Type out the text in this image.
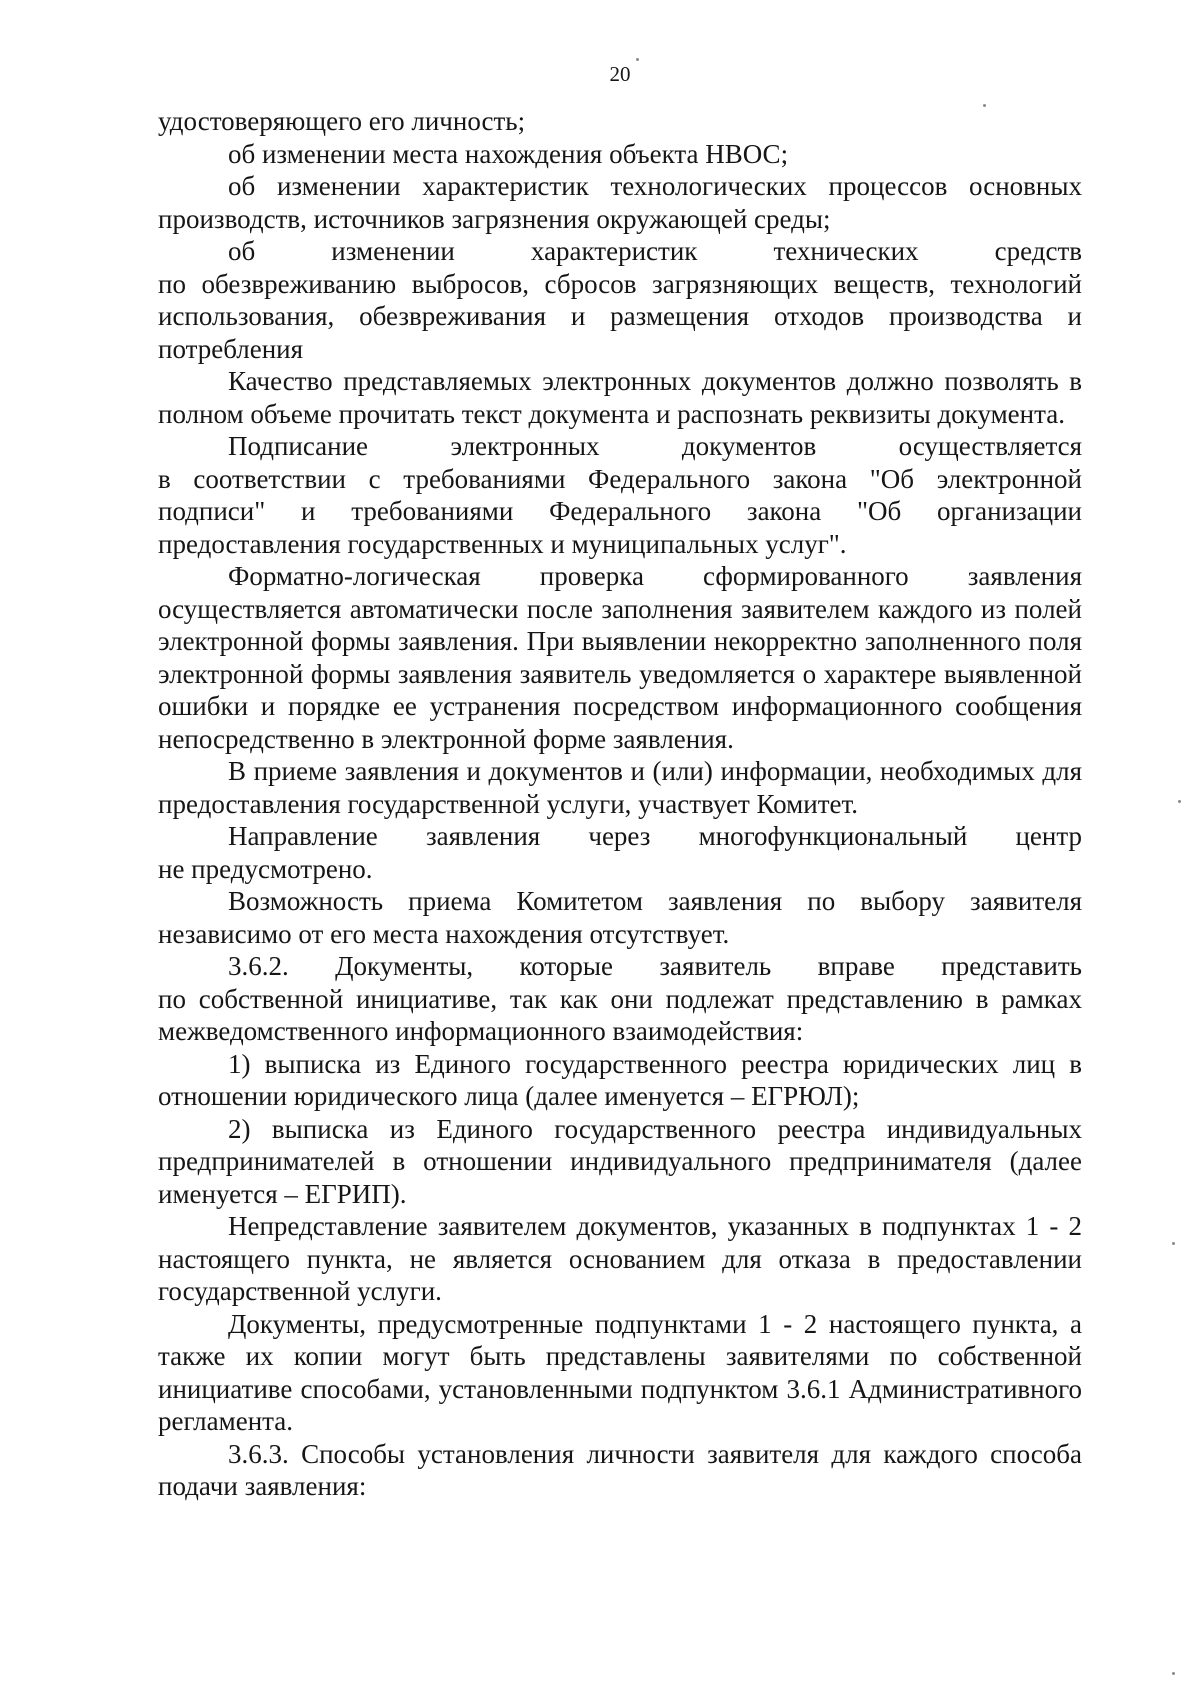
20

удостоверяющего его личность;

об изменении места нахождения объекта НВОС;

об изменении характеристик технологических процессов основных производств, источников загрязнения окружающей среды;

об изменении характеристик технических средств

по обезвреживанию выбросов, сбросов загрязняющих веществ, технологий использования, обезвреживания и размещения отходов производства и потребления

Качество представляемых электронных документов должно позволять в полном объеме прочитать текст документа и распознать реквизиты документа.

Подписание электронных документов осуществляется

в соответствии с требованиями Федерального закона "Об электронной подписи" и требованиями Федерального закона "Об организации предоставления государственных и муниципальных услуг".

Форматно-логическая проверка сформированного заявления осуществляется автоматически после заполнения заявителем каждого из полей электронной формы заявления. При выявлении некорректно заполненного поля электронной формы заявления заявитель уведомляется о характере выявленной ошибки и порядке ее устранения посредством информационного сообщения непосредственно в электронной форме заявления.

В приеме заявления и документов и (или) информации, необходимых для предоставления государственной услуги, участвует Комитет.

Направление заявления через многофункциональный центр

не предусмотрено.

Возможность приема Комитетом заявления по выбору заявителя независимо от его места нахождения отсутствует.

3.6.2. Документы, которые заявитель вправе представить

по собственной инициативе, так как они подлежат представлению в рамках межведомственного информационного взаимодействия:

1) выписка из Единого государственного реестра юридических лиц в отношении юридического лица (далее именуется – ЕГРЮЛ);

2) выписка из Единого государственного реестра индивидуальных предпринимателей в отношении индивидуального предпринимателя (далее именуется – ЕГРИП).

Непредставление заявителем документов, указанных в подпунктах 1 - 2 настоящего пункта, не является основанием для отказа в предоставлении государственной услуги.

Документы, предусмотренные подпунктами 1 - 2 настоящего пункта, а также их копии могут быть представлены заявителями по собственной инициативе способами, установленными подпунктом 3.6.1 Административного регламента.

3.6.3. Способы установления личности заявителя для каждого способа подачи заявления:
